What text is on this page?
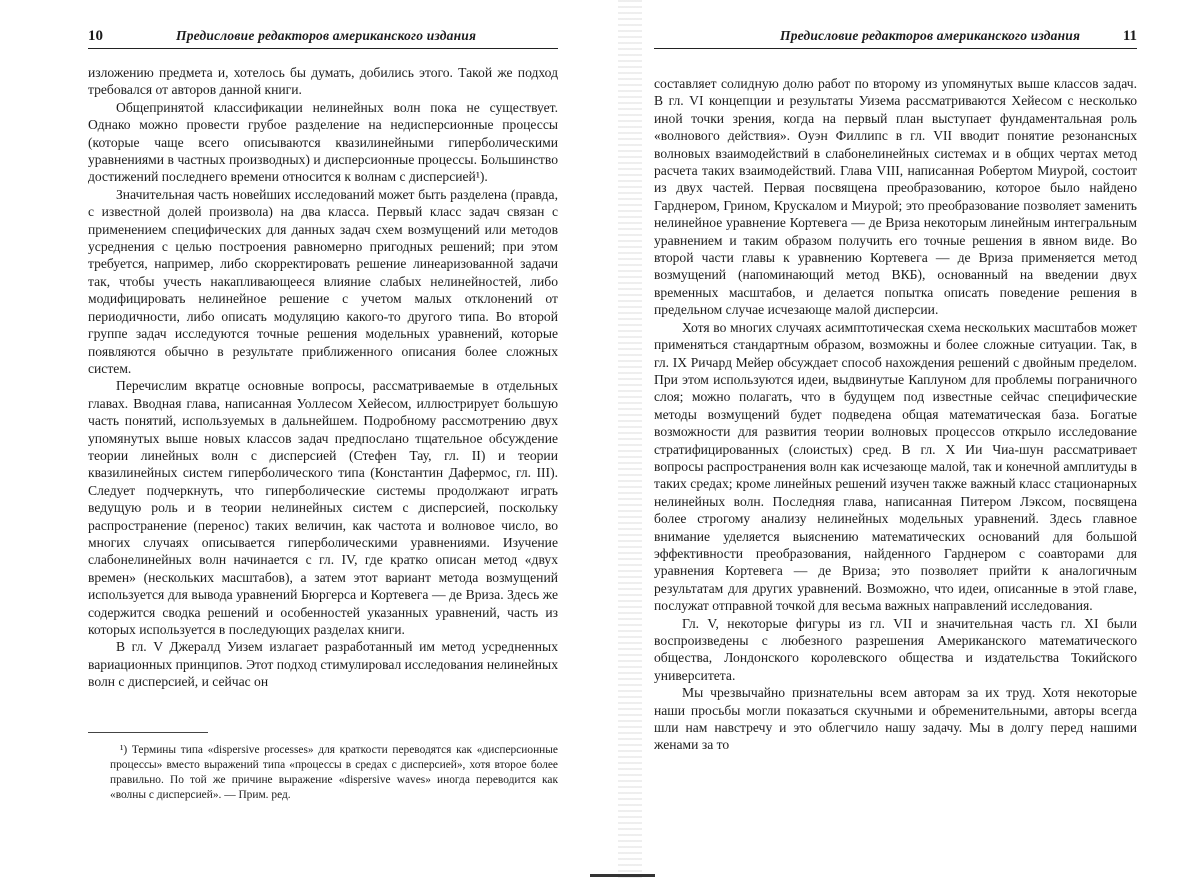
10	Предисловие редакторов американского издания

изложению предмета и, хотелось бы думать, добились этого. Такой же подход требовался от авторов данной книги.

Общепринятой классификации нелинейных волн пока не существует. Однако можно провести грубое разделение на недисперсионные процессы (которые чаще всего описываются квазилинейными гиперболическими уравнениями в частных производных) и дисперсионные процессы. Большинство достижений последнего времени относится к волнам с дисперсией¹).

Значительная часть новейших исследований может быть разделена (правда, с известной долей произвола) на два класса. Первый класс задач связан с применением специфических для данных задач схем возмущений или методов усреднения с целью построения равномерно пригодных решений; при этом требуется, например, либо скорректировать решение линеаризованной задачи так, чтобы учесть накапливающееся влияние слабых нелинейностей, либо модифицировать нелинейное решение с учетом малых отклонений от периодичности, либо описать модуляцию какого-то другого типа. Во второй группе задач исследуются точные решения модельных уравнений, которые появляются обычно в результате приближенного описания более сложных систем.

Перечислим вкратце основные вопросы, рассматриваемые в отдельных главах. Вводная глава, написанная Уоллесом Хейесом, иллюстрирует большую часть понятий, используемых в дальнейшем. Подробному рассмотрению двух упомянутых выше новых классов задач предпослано тщательное обсуждение теории линейных волн с дисперсией (Стефен Тау, гл. II) и теории квазилинейных систем гиперболического типа (Константин Дафермос, гл. III). Следует подчеркнуть, что гиперболические системы продолжают играть ведущую роль и в теории нелинейных систем с дисперсией, поскольку распространение (перенос) таких величин, как частота и волновое число, во многих случаях описывается гиперболическими уравнениями. Изучение слабонелинейных волн начинается с гл. IV, где кратко описан метод «двух времен» (нескольких масштабов), а затем этот вариант метода возмущений используется для вывода уравнений Бюргерса и Кортевега — де Вриза. Здесь же содержится сводка решений и особенностей указанных уравнений, часть из которых используется в последующих разделах книги.

В гл. V Джералд Уизем излагает разработанный им метод усредненных вариационных принципов. Этот подход стимулировал исследования нелинейных волн с дисперсией, и сейчас он

¹) Термины типа «dispersive processes» для краткости переводятся как «дисперсионные процессы» вместо выражений типа «процессы в средах с дисперсией», хотя второе более правильно. По той же причине выражение «dispersive waves» иногда переводится как «волны с дисперсией». — Прим. ред.

Предисловие редакторов американского издания	11

составляет солидную долю работ по второму из упомянутых выше классов задач. В гл. VI концепции и результаты Уизема рассматриваются Хейесом с несколько иной точки зрения, когда на первый план выступает фундаментальная роль «волнового действия». Оуэн Филлипс в гл. VII вводит понятие резонансных волновых взаимодействий в слабонелинейных системах и в общих чертах метод расчета таких взаимодействий. Глава VIII, написанная Робертом Миурой, состоит из двух частей. Первая посвящена преобразованию, которое было найдено Гарднером, Грином, Крускалом и Миурой; это преобразование позволяет заменить нелинейное уравнение Кортевега — де Вриза некоторым линейным интегральным уравнением и таким образом получить его точные решения в явном виде. Во второй части главы к уравнению Кортевега — де Вриза применяется метод возмущений (напоминающий метод ВКБ), основанный на введении двух временных масштабов, и делается попытка описать поведение решения в предельном случае исчезающе малой дисперсии.

Хотя во многих случаях асимптотическая схема нескольких масштабов может применяться стандартным образом, возможны и более сложные ситуации. Так, в гл. IX Ричард Мейер обсуждает способ нахождения решений с двойным пределом. При этом используются идеи, выдвинутые Каплуном для проблемы пограничного слоя; можно полагать, что в будущем под известные сейчас специфические методы возмущений будет подведена общая математическая база. Богатые возможности для развития теории волновых процессов открыло исследование стратифицированных (слоистых) сред. В гл. X Ии Чиа-шун рассматривает вопросы распространения волн как исчезающе малой, так и конечной амплитуды в таких средах; кроме линейных решений изучен также важный класс стационарных нелинейных волн. Последняя глава, написанная Питером Лэксом, посвящена более строгому анализу нелинейных модельных уравнений. Здесь главное внимание уделяется выяснению математических оснований для большой эффективности преобразования, найденного Гарднером с соавторами для уравнения Кортевега — де Вриза; это позволяет прийти к аналогичным результатам для других уравнений. Возможно, что идеи, описанные в этой главе, послужат отправной точкой для весьма важных направлений исследования.

Гл. V, некоторые фигуры из гл. VII и значительная часть гл. XI были воспроизведены с любезного разрешения Американского математического общества, Лондонского королевского общества и издательства Токийского университета.

Мы чрезвычайно признательны всем авторам за их труд. Хотя некоторые наши просьбы могли показаться скучными и обременительными, авторы всегда шли нам навстречу и это облегчило нашу задачу. Мы в долгу перед нашими женами за то
